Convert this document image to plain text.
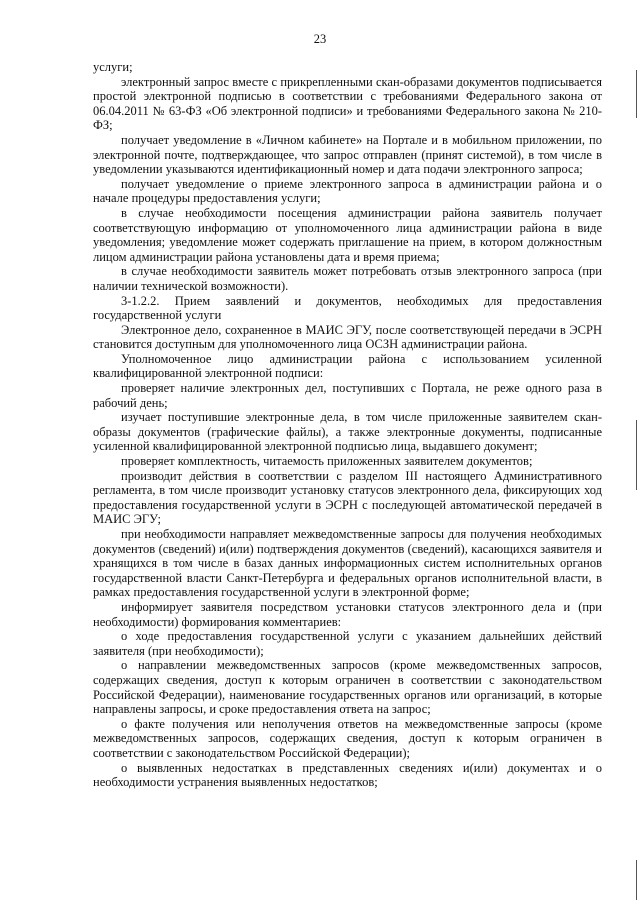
23

услуги;

электронный запрос вместе с прикрепленными скан-образами документов подписывается простой электронной подписью в соответствии с требованиями Федерального закона от 06.04.2011 № 63-ФЗ «Об электронной подписи» и требованиями Федерального закона № 210-ФЗ;

получает уведомление в «Личном кабинете» на Портале и в мобильном приложении, по электронной почте, подтверждающее, что запрос отправлен (принят системой), в том числе в уведомлении указываются идентификационный номер и дата подачи электронного запроса;

получает уведомление о приеме электронного запроса в администрации района и о начале процедуры предоставления услуги;

в случае необходимости посещения администрации района заявитель получает соответствующую информацию от уполномоченного лица администрации района в виде уведомления; уведомление может содержать приглашение на прием, в котором должностным лицом администрации района установлены дата и время приема;

в случае необходимости заявитель может потребовать отзыв электронного запроса (при наличии технической возможности).

3-1.2.2. Прием заявлений и документов, необходимых для предоставления государственной услуги

Электронное дело, сохраненное в МАИС ЭГУ, после соответствующей передачи в ЭСРН становится доступным для уполномоченного лица ОСЗН администрации района.

Уполномоченное лицо администрации района с использованием усиленной квалифицированной электронной подписи:

проверяет наличие электронных дел, поступивших с Портала, не реже одного раза в рабочий день;

изучает поступившие электронные дела, в том числе приложенные заявителем скан-образы документов (графические файлы), а также электронные документы, подписанные усиленной квалифицированной электронной подписью лица, выдавшего документ;

проверяет комплектность, читаемость приложенных заявителем документов;

производит действия в соответствии с разделом III настоящего Административного регламента, в том числе производит установку статусов электронного дела, фиксирующих ход предоставления государственной услуги в ЭСРН с последующей автоматической передачей в МАИС ЭГУ;

при необходимости направляет межведомственные запросы для получения необходимых документов (сведений) и(или) подтверждения документов (сведений), касающихся заявителя и хранящихся в том числе в базах данных информационных систем исполнительных органов государственной власти Санкт-Петербурга и федеральных органов исполнительной власти, в рамках предоставления государственной услуги в электронной форме;

информирует заявителя посредством установки статусов электронного дела и (при необходимости) формирования комментариев:

о ходе предоставления государственной услуги с указанием дальнейших действий заявителя (при необходимости);

о направлении межведомственных запросов (кроме межведомственных запросов, содержащих сведения, доступ к которым ограничен в соответствии с законодательством Российской Федерации), наименование государственных органов или организаций, в которые направлены запросы, и сроке предоставления ответа на запрос;

о факте получения или неполучения ответов на межведомственные запросы (кроме межведомственных запросов, содержащих сведения, доступ к которым ограничен в соответствии с законодательством Российской Федерации);

о выявленных недостатках в представленных сведениях и(или) документах и о необходимости устранения выявленных недостатков;
